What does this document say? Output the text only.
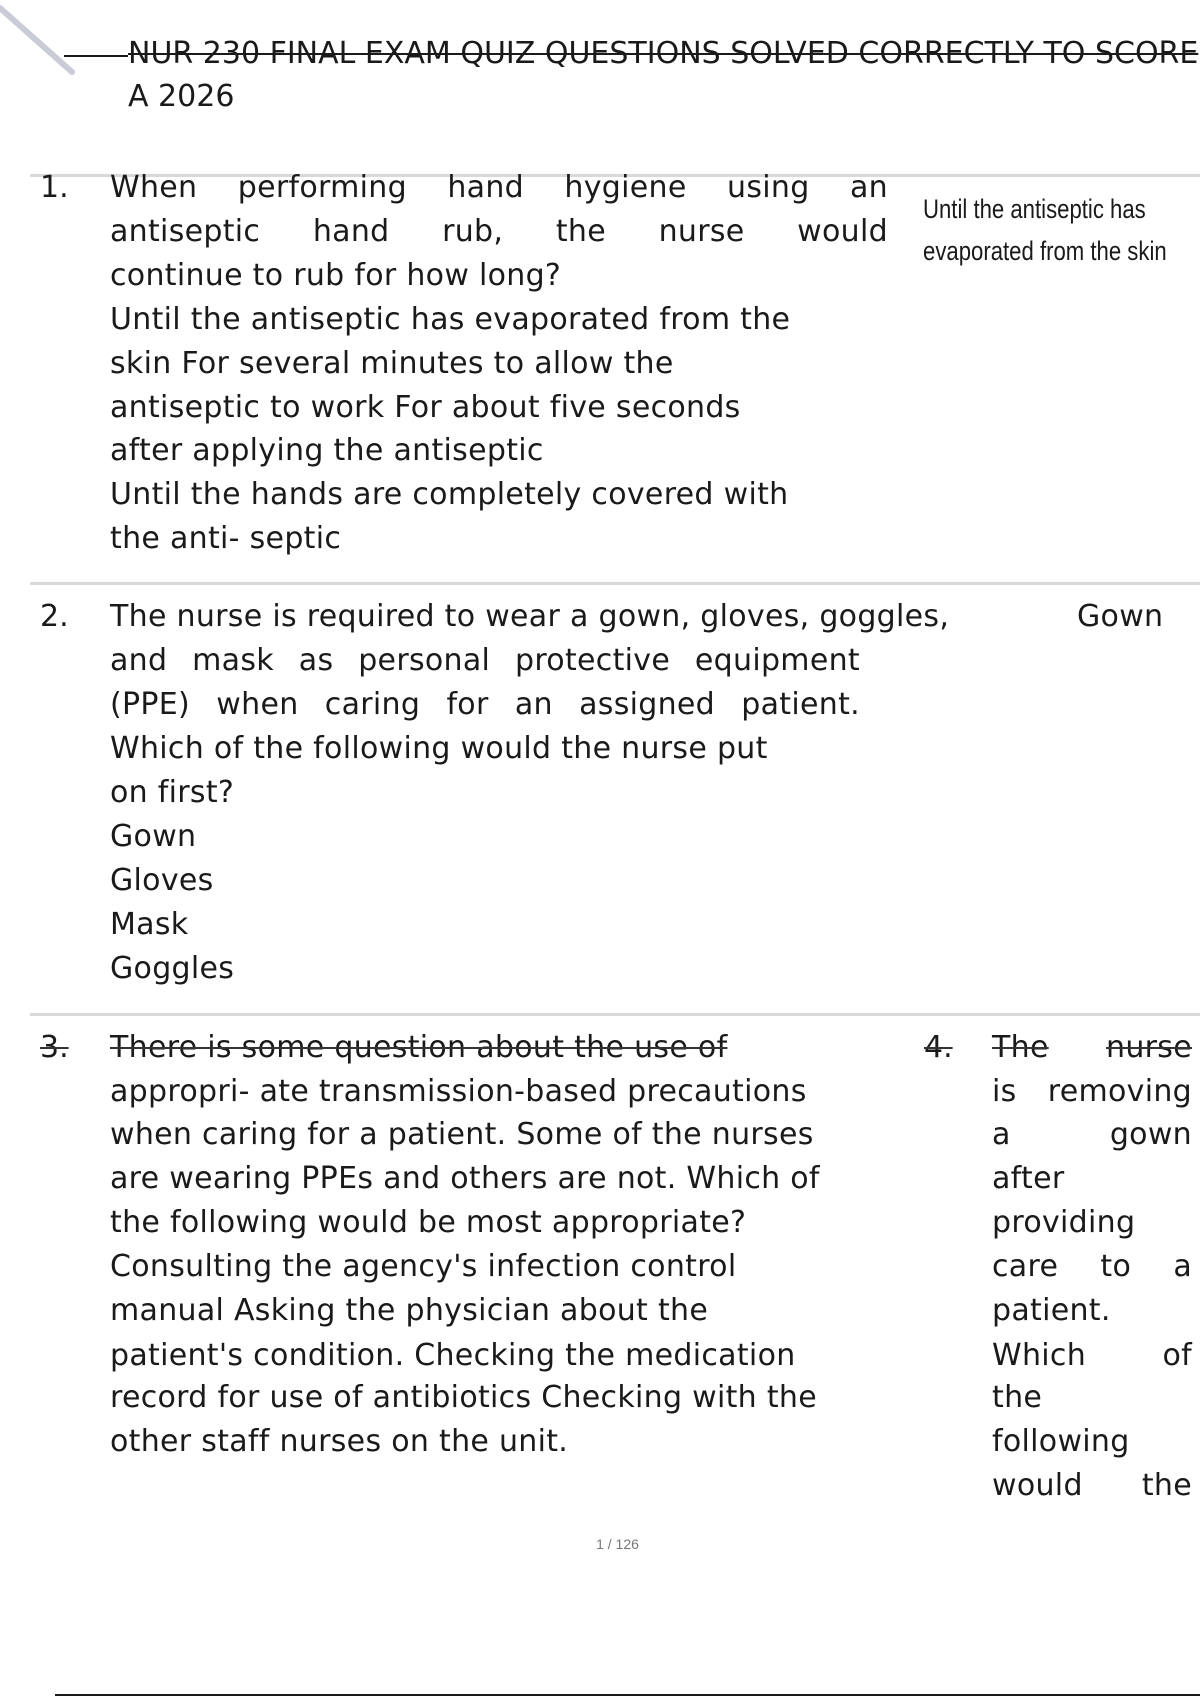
NUR 230 FINAL EXAM QUIZ QUESTIONS SOLVED CORRECTLY TO SCORE
A 2026
1. When performing hand hygiene using an
antiseptic hand rub, the nurse would
continue to rub for how long?
Until the antiseptic has evaporated from the
skin For several minutes to allow the
antiseptic to work For about five seconds
after applying the antiseptic
Until the hands are completely covered with
the anti- septic
Until the antiseptic has
evaporated from the skin
2. The nurse is required to wear a gown, gloves, goggles,
and mask as personal protective equipment
(PPE) when caring for an assigned patient.
Which of the following would the nurse put
on first?
Gown
Gloves
Mask
Goggles
Gown
3. There is some question about the use of
appropri- ate transmission-based precautions
when caring for a patient. Some of the nurses
are wearing PPEs and others are not. Which of
the following would be most appropriate?
Consulting the agency's infection control
manual Asking the physician about the
patient's condition. Checking the medication
record for use of antibiotics Checking with the
other staff nurses on the unit.
4. The nurse
is removing
a	gown
after
providing
care to a
patient.
Which	of
the
following
would the
1 / 126
